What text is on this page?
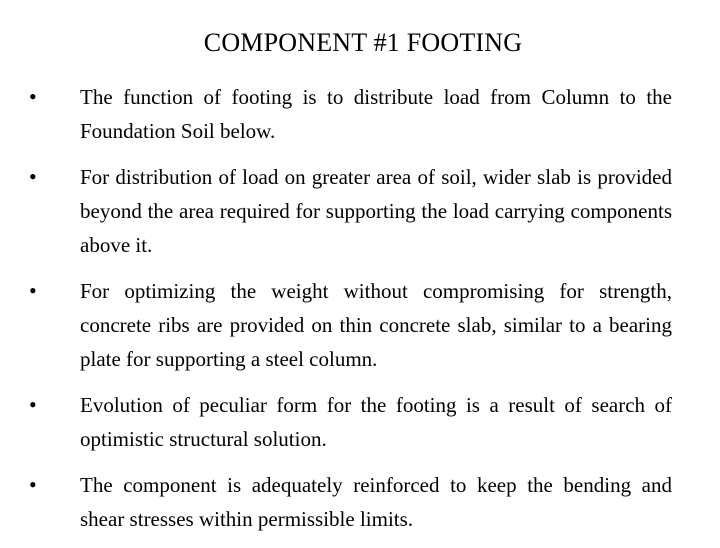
COMPONENT #1 FOOTING
• The function of footing is to distribute load from Column to the Foundation Soil below.
• For distribution of load on greater area of soil, wider slab is provided beyond the area required for supporting the load carrying components above it.
• For optimizing the weight without compromising for strength, concrete ribs are provided on thin concrete slab, similar to a bearing plate for supporting a steel column.
• Evolution of peculiar form for the footing is a result of search of optimistic structural solution.
• The component is adequately reinforced to keep the bending and shear stresses within permissible limits.
